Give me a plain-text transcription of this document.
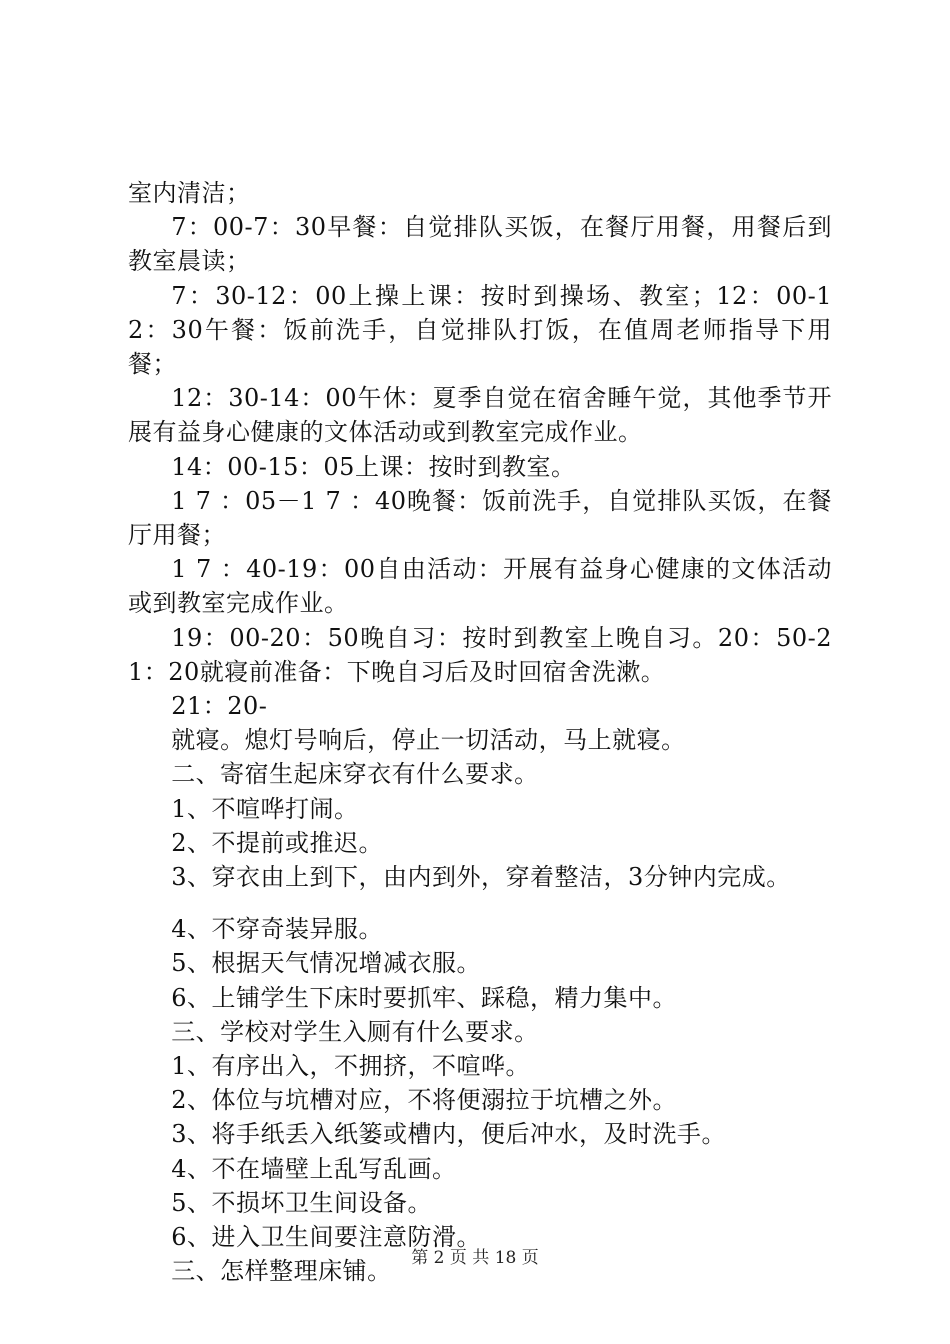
室内清洁；

7：00-7：30早餐：自觉排队买饭，在餐厅用餐，用餐后到教室晨读；

7：30-12：00上操上课：按时到操场、教室；12：00-12：30午餐：饭前洗手，自觉排队打饭，在值周老师指导下用餐；

12：30-14：00午休：夏季自觉在宿舍睡午觉，其他季节开展有益身心健康的文体活动或到教室完成作业。

14：00-15：05上课：按时到教室。

1 7 ：05－1 7 ：40晚餐：饭前洗手，自觉排队买饭，在餐厅用餐；

1 7 ：40-19：00自由活动：开展有益身心健康的文体活动或到教室完成作业。

19：00-20：50晚自习：按时到教室上晚自习。20：50-21：20就寝前准备：下晚自习后及时回宿舍洗漱。

21：20-

就寝。熄灯号响后，停止一切活动，马上就寝。

二、寄宿生起床穿衣有什么要求。

1、不喧哗打闹。

2、不提前或推迟。

3、穿衣由上到下，由内到外，穿着整洁，3分钟内完成。

4、不穿奇装异服。

5、根据天气情况增减衣服。

6、上铺学生下床时要抓牢、踩稳，精力集中。

三、学校对学生入厕有什么要求。

1、有序出入，不拥挤，不喧哗。

2、体位与坑槽对应，不将便溺拉于坑槽之外。

3、将手纸丢入纸篓或槽内，便后冲水，及时洗手。

4、不在墙壁上乱写乱画。

5、不损坏卫生间设备。

6、进入卫生间要注意防滑。

三、怎样整理床铺。	第 2 页 共 18 页
